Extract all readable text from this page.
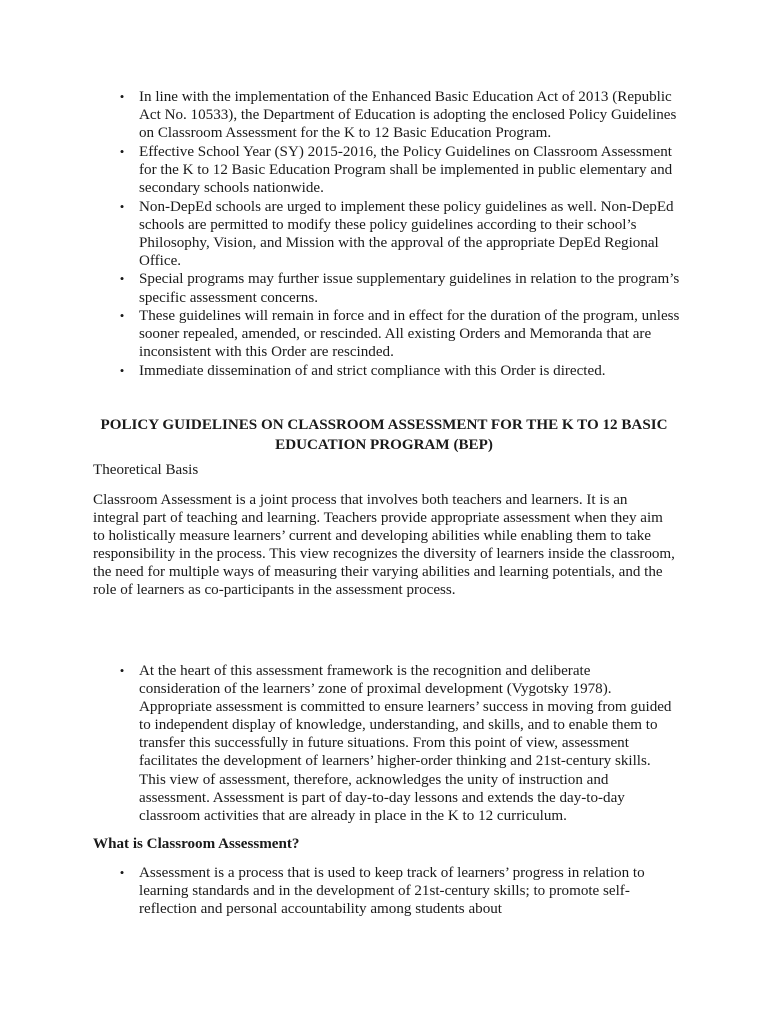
• In line with the implementation of the Enhanced Basic Education Act of 2013 (Republic Act No. 10533), the Department of Education is adopting the enclosed Policy Guidelines on Classroom Assessment for the K to 12 Basic Education Program.
• Effective School Year (SY) 2015-2016, the Policy Guidelines on Classroom Assessment for the K to 12 Basic Education Program shall be implemented in public elementary and secondary schools nationwide.
• Non-DepEd schools are urged to implement these policy guidelines as well. Non-DepEd schools are permitted to modify these policy guidelines according to their school’s Philosophy, Vision, and Mission with the approval of the appropriate DepEd Regional Office.
• Special programs may further issue supplementary guidelines in relation to the program’s specific assessment concerns.
• These guidelines will remain in force and in effect for the duration of the program, unless sooner repealed, amended, or rescinded. All existing Orders and Memoranda that are inconsistent with this Order are rescinded.
• Immediate dissemination of and strict compliance with this Order is directed.
POLICY GUIDELINES ON CLASSROOM ASSESSMENT FOR THE K TO 12 BASIC EDUCATION PROGRAM (BEP)
Theoretical Basis
Classroom Assessment is a joint process that involves both teachers and learners. It is an integral part of teaching and learning. Teachers provide appropriate assessment when they aim to holistically measure learners’ current and developing abilities while enabling them to take responsibility in the process. This view recognizes the diversity of learners inside the classroom, the need for multiple ways of measuring their varying abilities and learning potentials, and the role of learners as co-participants in the assessment process.
• At the heart of this assessment framework is the recognition and deliberate consideration of the learners’ zone of proximal development (Vygotsky 1978). Appropriate assessment is committed to ensure learners’ success in moving from guided to independent display of knowledge, understanding, and skills, and to enable them to transfer this successfully in future situations. From this point of view, assessment facilitates the development of learners’ higher-order thinking and 21st-century skills. This view of assessment, therefore, acknowledges the unity of instruction and assessment. Assessment is part of day-to-day lessons and extends the day-to-day classroom activities that are already in place in the K to 12 curriculum.
What is Classroom Assessment?
• Assessment is a process that is used to keep track of learners’ progress in relation to learning standards and in the development of 21st-century skills; to promote self-reflection and personal accountability among students about
